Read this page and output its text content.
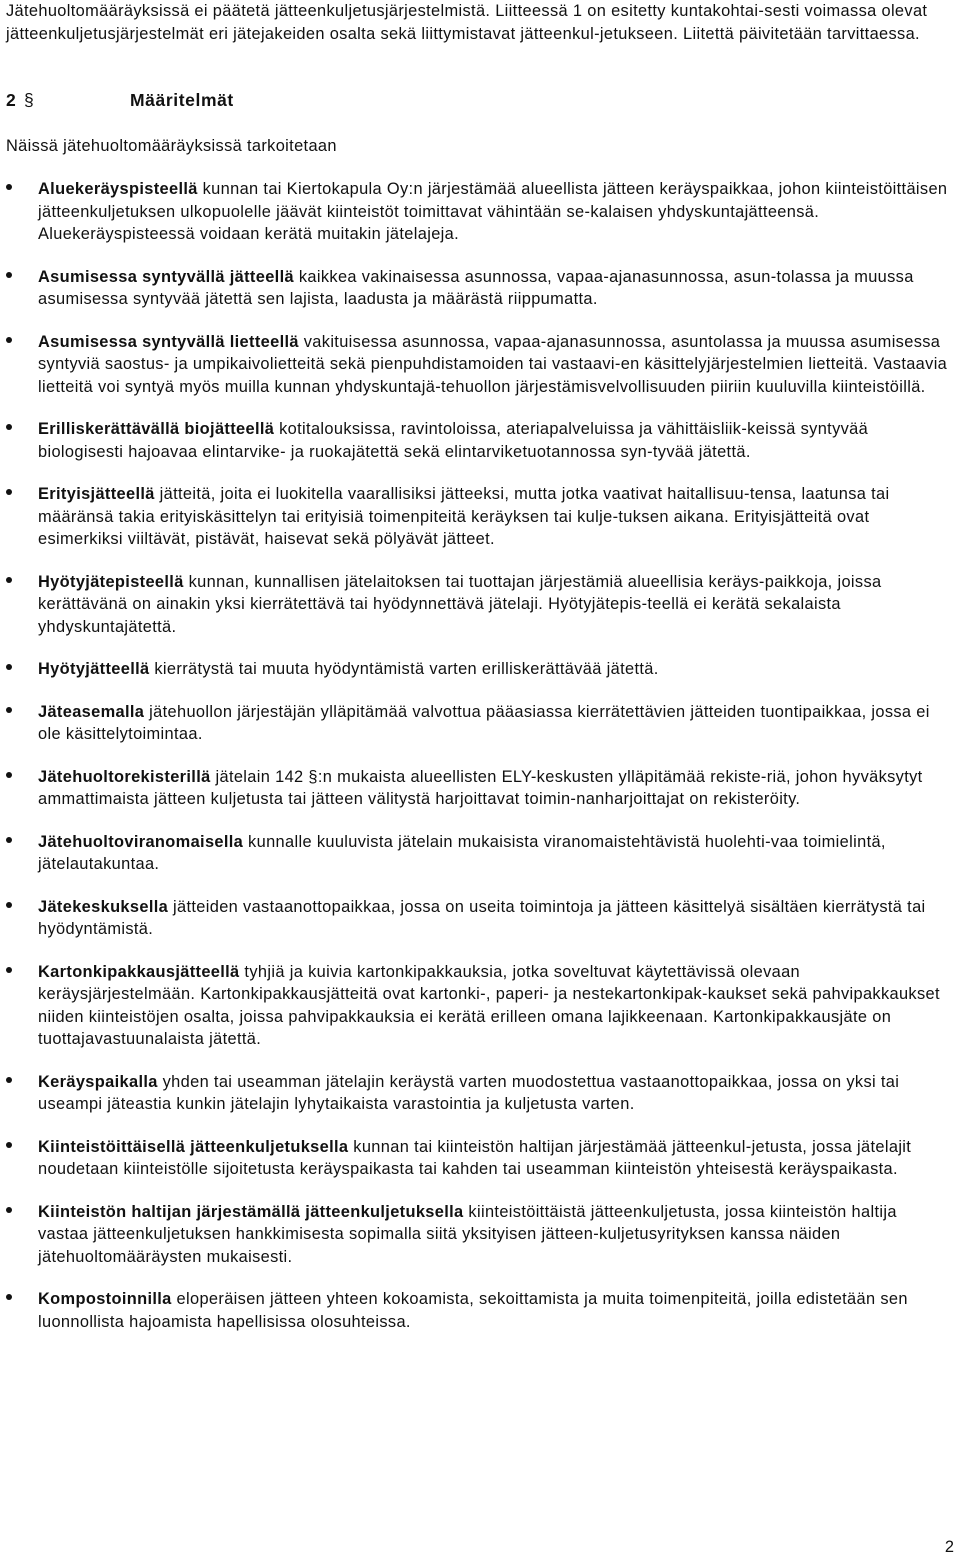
Jätehuoltomääräyksissä ei päätetä jätteenkuljetusjärjestelmistä. Liitteessä 1 on esitetty kuntakohtai-sesti voimassa olevat jätteenkuljetusjärjestelmät eri jätejakeiden osalta sekä liittymistavat jätteenkul-jetukseen. Liitettä päivitetään tarvittaessa.

2 §	Määritelmät

Näissä jätehuoltomääräyksissä tarkoitetaan

Aluekeräyspisteellä kunnan tai Kiertokapula Oy:n järjestämää alueellista jätteen keräyspaikkaa, johon kiinteistöittäisen jätteenkuljetuksen ulkopuolelle jäävät kiinteistöt toimittavat vähintään se-kalaisen yhdyskuntajätteensä. Aluekeräyspisteessä voidaan kerätä muitakin jätelajeja.
Asumisessa syntyvällä jätteellä kaikkea vakinaisessa asunnossa, vapaa-ajanasunnossa, asun-tolassa ja muussa asumisessa syntyvää jätettä sen lajista, laadusta ja määrästä riippumatta.
Asumisessa syntyvällä lietteellä vakituisessa asunnossa, vapaa-ajanasunnossa, asuntolassa ja muussa asumisessa syntyviä saostus- ja umpikaivolietteitä sekä pienpuhdistamoiden tai vastaavi-en käsittelyjärjestelmien lietteitä. Vastaavia lietteitä voi syntyä myös muilla kunnan yhdyskuntajä-tehuollon järjestämisvelvollisuuden piiriin kuuluvilla kiinteistöillä.
Erilliskerättävällä biojätteellä kotitalouksissa, ravintoloissa, ateriapalveluissa ja vähittäisliik-keissä syntyvää biologisesti hajoavaa elintarvike- ja ruokajätettä sekä elintarviketuotannossa syn-tyvää jätettä.
Erityisjätteellä jätteitä, joita ei luokitella vaarallisiksi jätteeksi, mutta jotka vaativat haitallisuu-tensa, laatunsa tai määränsä takia erityiskäsittelyn tai erityisiä toimenpiteitä keräyksen tai kulje-tuksen aikana. Erityisjätteitä ovat esimerkiksi viiltävät, pistävät, haisevat sekä pölyävät jätteet.
Hyötyjätepisteellä kunnan, kunnallisen jätelaitoksen tai tuottajan järjestämiä alueellisia keräys-paikkoja, joissa kerättävänä on ainakin yksi kierrätettävä tai hyödynnettävä jätelaji. Hyötyjätepis-teellä ei kerätä sekalaista yhdyskuntajätettä.
Hyötyjätteellä kierrätystä tai muuta hyödyntämistä varten erilliskerättävää jätettä.
Jäteasemalla jätehuollon järjestäjän ylläpitämää valvottua pääasiassa kierrätettävien jätteiden tuontipaikkaa, jossa ei ole käsittelytoimintaa.
Jätehuoltorekisterillä jätelain 142 §:n mukaista alueellisten ELY-keskusten ylläpitämää rekiste-riä, johon hyväksytyt ammattimaista jätteen kuljetusta tai jätteen välitystä harjoittavat toimin-nanharjoittajat on rekisteröity.
Jätehuoltoviranomaisella kunnalle kuuluvista jätelain mukaisista viranomaistehtävistä huolehti-vaa toimielintä, jätelautakuntaa.
Jätekeskuksella jätteiden vastaanottopaikkaa, jossa on useita toimintoja ja jätteen käsittelyä sisältäen kierrätystä tai hyödyntämistä.
Kartonkipakkausjätteellä tyhjiä ja kuivia kartonkipakkauksia, jotka soveltuvat käytettävissä olevaan keräysjärjestelmään. Kartonkipakkausjätteitä ovat kartonki-, paperi- ja nestekartonkipak-kaukset sekä pahvipakkaukset niiden kiinteistöjen osalta, joissa pahvipakkauksia ei kerätä erilleen omana lajikkeenaan. Kartonkipakkausjäte on tuottajavastuunalaista jätettä.
Keräyspaikalla yhden tai useamman jätelajin keräystä varten muodostettua vastaanottopaikkaa, jossa on yksi tai useampi jäteastia kunkin jätelajin lyhytaikaista varastointia ja kuljetusta varten.
Kiinteistöittäisellä jätteenkuljetuksella kunnan tai kiinteistön haltijan järjestämää jätteenkul-jetusta, jossa jätelajit noudetaan kiinteistölle sijoitetusta keräyspaikasta tai kahden tai useamman kiinteistön yhteisestä keräyspaikasta.
Kiinteistön haltijan järjestämällä jätteenkuljetuksella kiinteistöittäistä jätteenkuljetusta, jossa kiinteistön haltija vastaa jätteenkuljetuksen hankkimisesta sopimalla siitä yksityisen jätteen-kuljetusyrityksen kanssa näiden jätehuoltomääräysten mukaisesti.
Kompostoinnilla eloperäisen jätteen yhteen kokoamista, sekoittamista ja muita toimenpiteitä, joilla edistetään sen luonnollista hajoamista hapellisissa olosuhteissa.
2
